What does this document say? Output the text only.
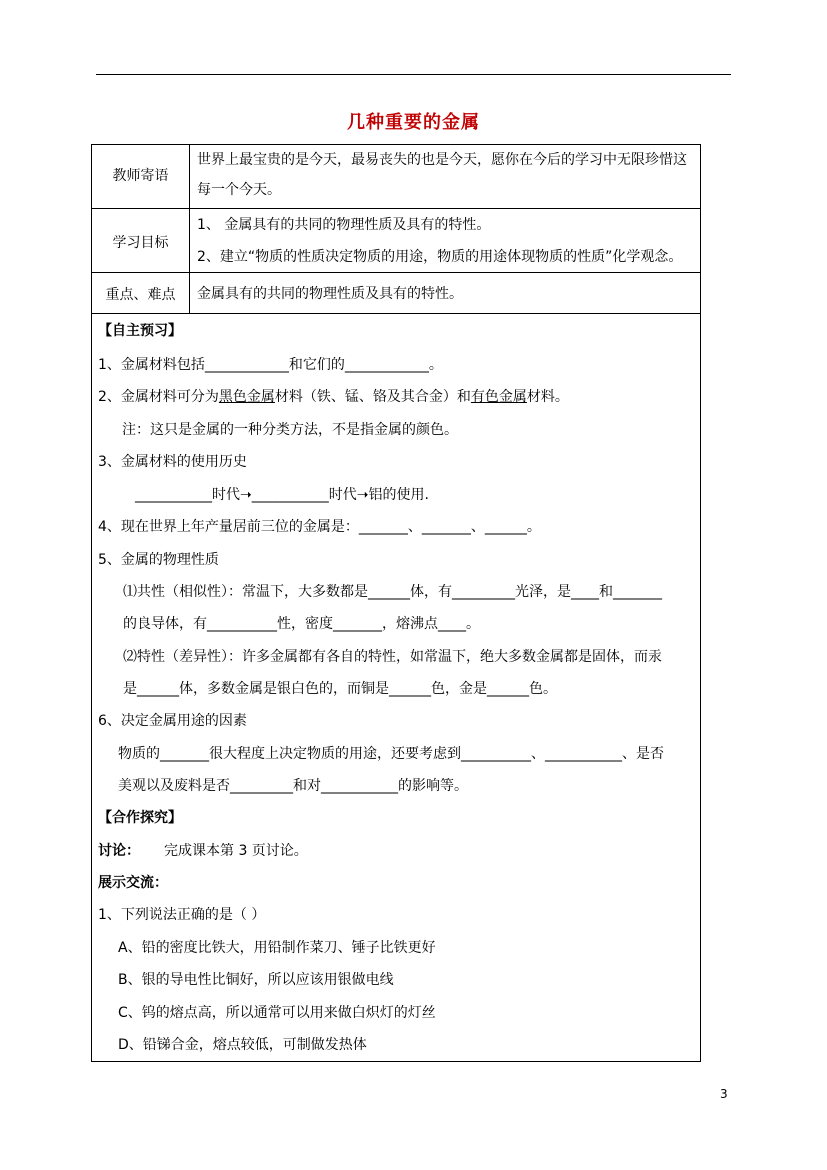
几种重要的金属
教师寄语
世界上最宝贵的是今天，最易丧失的也是今天，愿你在今后的学习中无限珍惜这每一个今天。
学习目标
1、 金属具有的共同的物理性质及具有的特性。
2、建立“物质的性质决定物质的用途，物质的用途体现物质的性质”化学观念。
重点、难点	金属具有的共同的物理性质及具有的特性。
【自主预习】
1、金属材料包括____________和它们的____________。
2、金属材料可分为黑色金属材料（铁、锰、铬及其合金）和有色金属材料。
注：这只是金属的一种分类方法，不是指金属的颜色。
3、金属材料的使用历史
___________时代➝___________时代➝铝的使用.
4、现在世界上年产量居前三位的金属是：_______、_______、______。
5、金属的物理性质
⑴共性（相似性）：常温下，大多数都是______体，有_________光泽，是____和_______
的良导体，有__________性，密度_______，熔沸点____。
⑵特性（差异性）：许多金属都有各自的特性，如常温下，绝大多数金属都是固体，而汞
是______体，多数金属是银白色的，而铜是______色，金是______色。
6、决定金属用途的因素
物质的_______很大程度上决定物质的用途，还要考虑到__________、___________、是否
美观以及废料是否_________和对___________的影响等。
【合作探究】
讨论： 完成课本第 3 页讨论。
展示交流：
1、下列说法正确的是（ ）
A、铅的密度比铁大，用铅制作菜刀、锤子比铁更好
B、银的导电性比铜好，所以应该用银做电线
C、钨的熔点高，所以通常可以用来做白炽灯的灯丝
D、铅锑合金，熔点较低，可制做发热体
3
